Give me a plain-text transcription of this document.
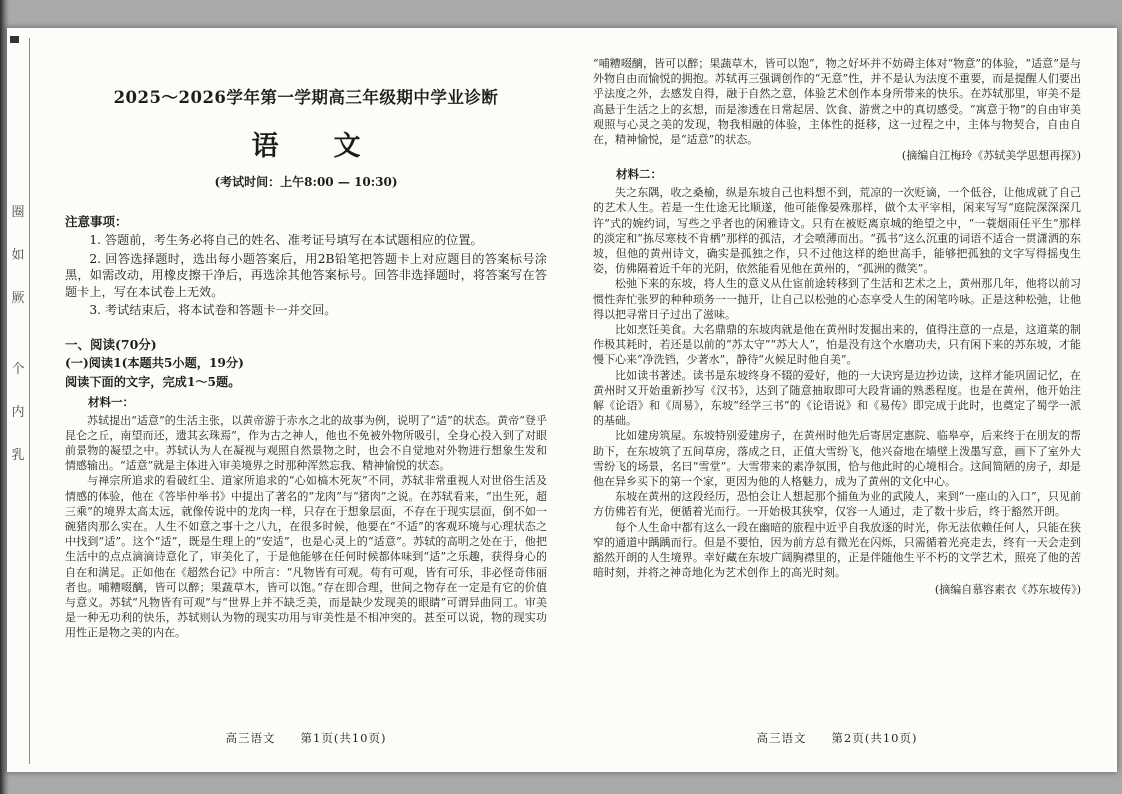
圈
如
厥
个
内
乳
2025～2026学年第一学期高三年级期中学业诊断
语　文
(考试时间：上午8:00 — 10:30)
注意事项：

1. 答题前，考生务必将自己的姓名、准考证号填写在本试题相应的位置。

2. 回答选择题时，选出每小题答案后，用2B铅笔把答题卡上对应题目的答案标号涂黑，如需改动，用橡皮擦干净后，再选涂其他答案标号。回答非选择题时，将答案写在答题卡上，写在本试卷上无效。

3. 考试结束后，将本试卷和答题卡一并交回。

一、阅读(70分)
(一)阅读1(本题共5小题，19分)
阅读下面的文字，完成1～5题。

材料一：

苏轼提出“适意”的生活主张，以黄帝游于赤水之北的故事为例，说明了“适”的状态。黄帝“登乎昆仑之丘，南望而还，遗其玄珠焉”，作为古之神人，他也不免被外物所吸引，全身心投入到了对眼前景物的凝望之中。苏轼认为人在凝视与观照自然景物之时，也会不自觉地对外物进行想象生发和情感输出。“适意”就是主体进入审美境界之时那种浑然忘我、精神愉悦的状态。

与禅宗所追求的看破红尘、道家所追求的“心如槁木死灰”不同，苏轼非常重视人对世俗生活及情感的体验，他在《答毕仲举书》中提出了著名的“龙肉”与“猪肉”之说。在苏轼看来，“出生死，超三乘”的境界太高太远，就像传说中的龙肉一样，只存在于想象层面，不存在于现实层面，倒不如一碗猪肉那么实在。人生不如意之事十之八九，在很多时候，他要在“不适”的客观环境与心理状态之中找到“适”。这个“适”，既是生理上的“安适”，也是心灵上的“适意”。苏轼的高明之处在于，他把生活中的点点滴滴诗意化了，审美化了，于是他能够在任何时候都体味到“适”之乐趣，获得身心的自在和满足。正如他在《超然台记》中所言：“凡物皆有可观。苟有可观，皆有可乐，非必怪奇伟丽者也。哺糟啜醨，皆可以醉；果蔬草木，皆可以饱。”存在即合理，世间之物存在一定是有它的价值与意义。苏轼“凡物皆有可观”与“世界上并不缺乏美，而是缺少发现美的眼睛”可谓异曲同工。审美是一种无功利的快乐，苏轼则认为物的现实功用与审美性是不相冲突的。甚至可以说，物的现实功用性正是物之美的内在。

高三语文　　第1页(共10页)

“哺糟啜醨，皆可以醉；果蔬草木，皆可以饱”，物之好坏并不妨碍主体对“物意”的体验，“适意”是与外物自由而愉悦的拥抱。苏轼再三强调创作的“无意”性，并不是认为法度不重要，而是提醒人们要出乎法度之外，去感发自得，融于自然之意，体验艺术创作本身所带来的快乐。在苏轼那里，审美不是高悬于生活之上的玄想，而是渗透在日常起居、饮食、游赏之中的真切感受。“寓意于物”的自由审美观照与心灵之美的发现，物我相融的体验，主体性的挺移，这一过程之中，主体与物契合，自由自在，精神愉悦，是“适意”的状态。

(摘编自江梅玲《苏轼美学思想再探》)

材料二：

失之东隅，收之桑榆，纵是东坡自己也料想不到，荒凉的一次贬谪，一个低谷，让他成就了自己的艺术人生。若是一生仕途无比顺遂，他可能像晏殊那样，做个太平宰相，闲来写写“庭院深深深几许”式的婉约词，写些之乎者也的闲雅诗文。只有在被贬离京城的绝望之中，“一蓑烟雨任平生”那样的淡定和“拣尽寒枝不肯栖”那样的孤洁，才会喷薄而出。“孤书”这么沉重的词语不适合一贯潇洒的东坡，但他的黄州诗文，确实是孤独之作，只不过他这样的绝世高手，能够把孤独的文字写得摇曳生姿，仿佛隔着近千年的光阴，依然能看见他在黄州的，“孤洲的微笑”。

松弛下来的东坡，将人生的意义从仕宦前途转移到了生活和艺术之上，黄州那几年，他将以前习惯性奔忙张罗的种种琐务一一抛开，让自己以松弛的心态享受人生的闲笔吟咏。正是这种松弛，让他得以把寻常日子过出了滋味。

比如烹饪美食。大名鼎鼎的东坡肉就是他在黄州时发掘出来的，值得注意的一点是，这道菜的制作极其耗时，若还是以前的“苏太守”“苏大人”，怕是没有这个水磨功夫，只有闲下来的苏东坡，才能慢下心来“净洗铛，少著水”，静待“火候足时他自美”。

比如读书著述。读书是东坡终身不辍的爱好，他的一大诀窍是边抄边读，这样才能巩固记忆，在黄州时又开始重新抄写《汉书》，达到了随意抽取即可大段背诵的熟悉程度。也是在黄州，他开始注解《论语》和《周易》，东坡“经学三书”的《论语说》和《易传》即完成于此时，也奠定了蜀学一派的基础。

比如建房筑屋。东坡特别爱建房子，在黄州时他先后寄居定惠院、临皋亭，后来终于在朋友的帮助下，在东坡筑了五间草房，落成之日，正值大雪纷飞，他兴奋地在墙壁上泼墨写意，画下了室外大雪纷飞的场景，名曰“雪堂”。大雪带来的素净氛围，恰与他此时的心境相合。这间简陋的房子，却是他在异乡买下的第一个家，更因为他的人格魅力，成为了黄州的文化中心。

东坡在黄州的这段经历，恐怕会让人想起那个捕鱼为业的武陵人，来到“一座山的入口”，只见前方仿佛若有光，便循着光而行。一开始极其狭窄，仅容一人通过，走了数十步后，终于豁然开朗。

每个人生命中都有这么一段在幽暗的旅程中近乎自我放逐的时光，你无法依赖任何人，只能在狭窄的通道中踽踽而行。但是不要怕，因为前方总有微光在闪烁，只需循着光亮走去，终有一天会走到豁然开朗的人生境界。幸好藏在东坡广阔胸襟里的，正是伴随他生平不朽的文学艺术，照亮了他的苦暗时刻，并将之神奇地化为艺术创作上的高光时刻。

(摘编自慕容素衣《苏东坡传》)

高三语文　　第2页(共10页)
